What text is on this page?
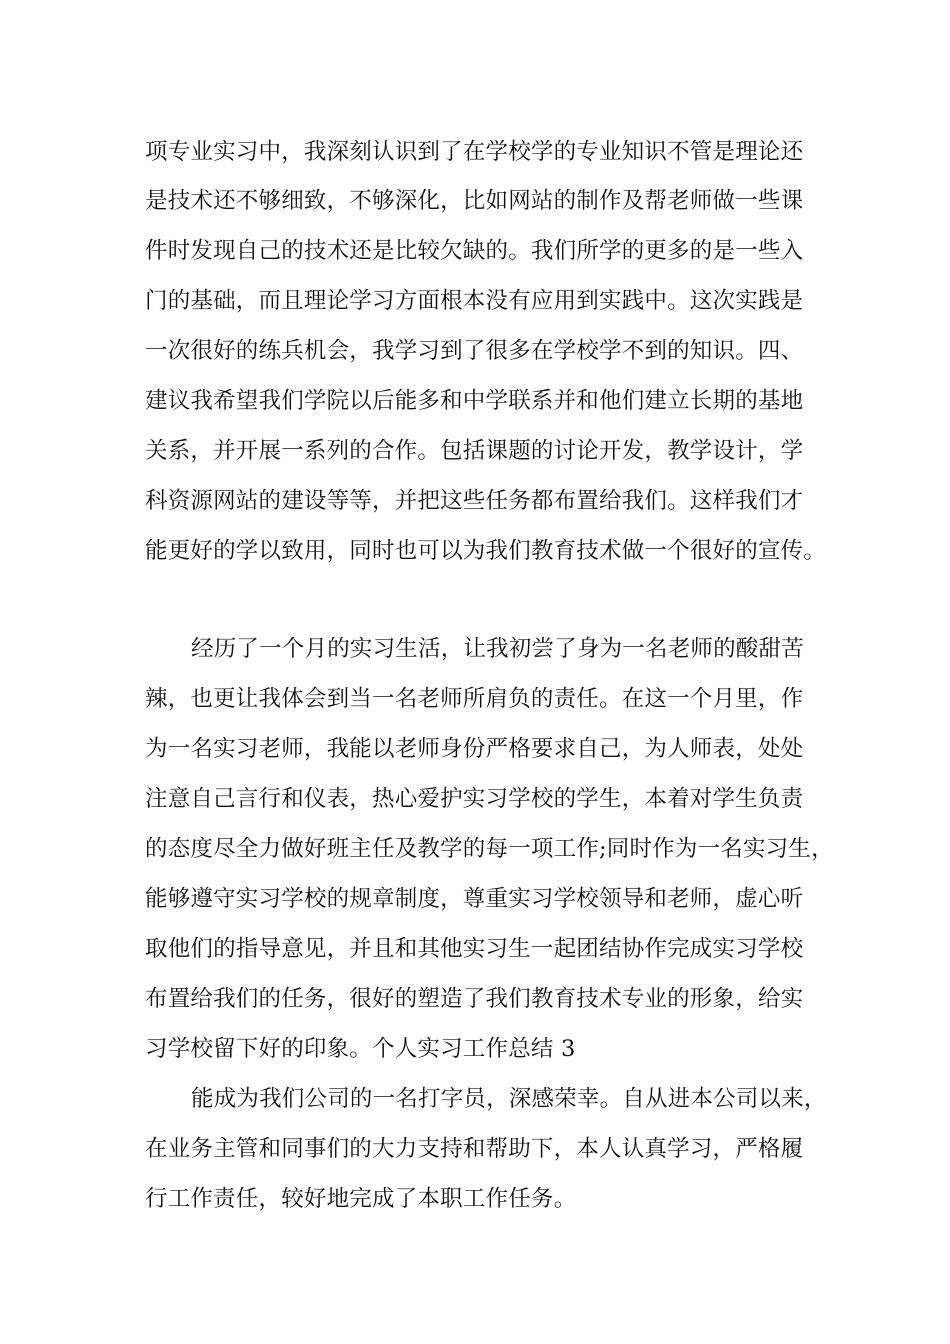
项专业实习中，我深刻认识到了在学校学的专业知识不管是理论还
是技术还不够细致，不够深化，比如网站的制作及帮老师做一些课
件时发现自己的技术还是比较欠缺的。我们所学的更多的是一些入
门的基础，而且理论学习方面根本没有应用到实践中。这次实践是
一次很好的练兵机会，我学习到了很多在学校学不到的知识。四、
建议我希望我们学院以后能多和中学联系并和他们建立长期的基地
关系，并开展一系列的合作。包括课题的讨论开发，教学设计，学
科资源网站的建设等等，并把这些任务都布置给我们。这样我们才
能更好的学以致用，同时也可以为我们教育技术做一个很好的宣传。
经历了一个月的实习生活，让我初尝了身为一名老师的酸甜苦
辣，也更让我体会到当一名老师所肩负的责任。在这一个月里，作
为一名实习老师，我能以老师身份严格要求自己，为人师表，处处
注意自己言行和仪表，热心爱护实习学校的学生，本着对学生负责
的态度尽全力做好班主任及教学的每一项工作;同时作为一名实习生，
能够遵守实习学校的规章制度，尊重实习学校领导和老师，虚心听
取他们的指导意见，并且和其他实习生一起团结协作完成实习学校
布置给我们的任务，很好的塑造了我们教育技术专业的形象，给实
习学校留下好的印象。个人实习工作总结 3
能成为我们公司的一名打字员，深感荣幸。自从进本公司以来，
在业务主管和同事们的大力支持和帮助下，本人认真学习，严格履
行工作责任，较好地完成了本职工作任务。
